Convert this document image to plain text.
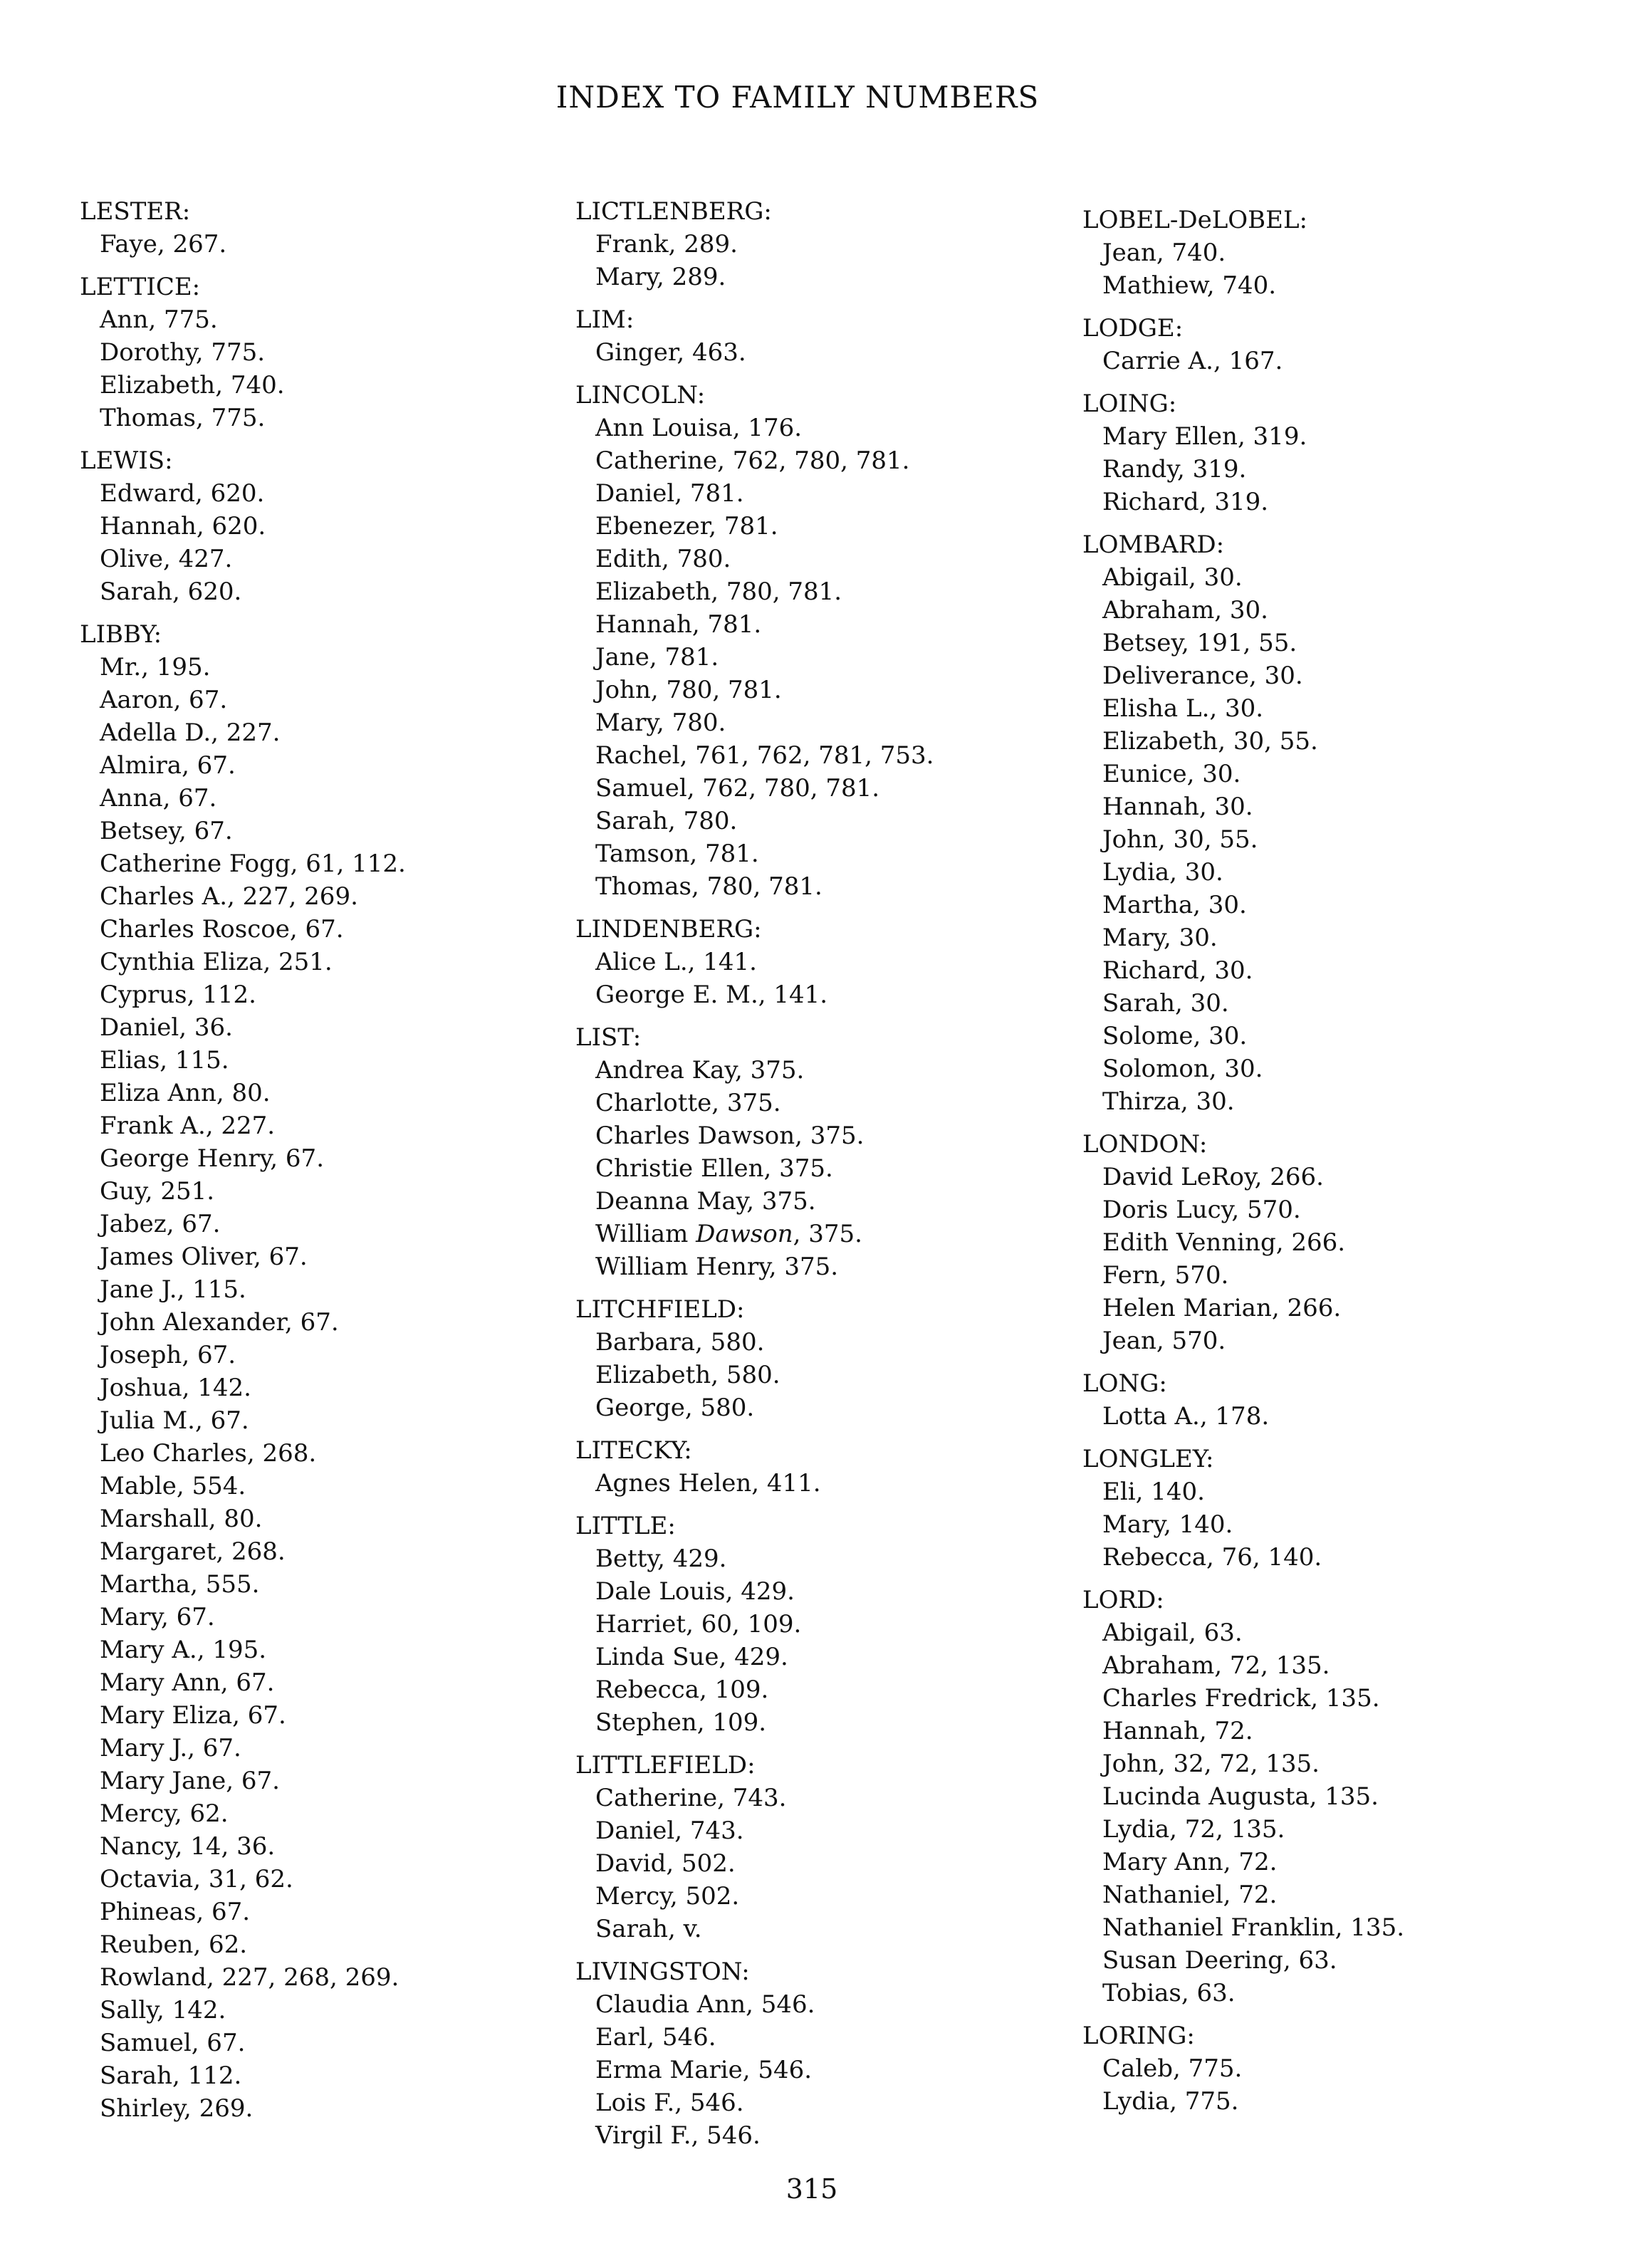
INDEX TO FAMILY NUMBERS
LESTER:
Faye, 267.
LETTICE:
Ann, 775.
Dorothy, 775.
Elizabeth, 740.
Thomas, 775.
LEWIS:
Edward, 620.
Hannah, 620.
Olive, 427.
Sarah, 620.
LIBBY:
Mr., 195.
Aaron, 67.
Adella D., 227.
Almira, 67.
Anna, 67.
Betsey, 67.
Catherine Fogg, 61, 112.
Charles A., 227, 269.
Charles Roscoe, 67.
Cynthia Eliza, 251.
Cyprus, 112.
Daniel, 36.
Elias, 115.
Eliza Ann, 80.
Frank A., 227.
George Henry, 67.
Guy, 251.
Jabez, 67.
James Oliver, 67.
Jane J., 115.
John Alexander, 67.
Joseph, 67.
Joshua, 142.
Julia M., 67.
Leo Charles, 268.
Mable, 554.
Marshall, 80.
Margaret, 268.
Martha, 555.
Mary, 67.
Mary A., 195.
Mary Ann, 67.
Mary Eliza, 67.
Mary J., 67.
Mary Jane, 67.
Mercy, 62.
Nancy, 14, 36.
Octavia, 31, 62.
Phineas, 67.
Reuben, 62.
Rowland, 227, 268, 269.
Sally, 142.
Samuel, 67.
Sarah, 112.
Shirley, 269.
LICTLENBERG:
Frank, 289.
Mary, 289.
LIM:
Ginger, 463.
LINCOLN:
Ann Louisa, 176.
Catherine, 762, 780, 781.
Daniel, 781.
Ebenezer, 781.
Edith, 780.
Elizabeth, 780, 781.
Hannah, 781.
Jane, 781.
John, 780, 781.
Mary, 780.
Rachel, 761, 762, 781, 753.
Samuel, 762, 780, 781.
Sarah, 780.
Tamson, 781.
Thomas, 780, 781.
LINDENBERG:
Alice L., 141.
George E. M., 141.
LIST:
Andrea Kay, 375.
Charlotte, 375.
Charles Dawson, 375.
Christie Ellen, 375.
Deanna May, 375.
William Dawson, 375.
William Henry, 375.
LITCHFIELD:
Barbara, 580.
Elizabeth, 580.
George, 580.
LITECKY:
Agnes Helen, 411.
LITTLE:
Betty, 429.
Dale Louis, 429.
Harriet, 60, 109.
Linda Sue, 429.
Rebecca, 109.
Stephen, 109.
LITTLEFIELD:
Catherine, 743.
Daniel, 743.
David, 502.
Mercy, 502.
Sarah, v.
LIVINGSTON:
Claudia Ann, 546.
Earl, 546.
Erma Marie, 546.
Lois F., 546.
Virgil F., 546.
LOBEL-DeLOBEL:
Jean, 740.
Mathiew, 740.
LODGE:
Carrie A., 167.
LOING:
Mary Ellen, 319.
Randy, 319.
Richard, 319.
LOMBARD:
Abigail, 30.
Abraham, 30.
Betsey, 191, 55.
Deliverance, 30.
Elisha L., 30.
Elizabeth, 30, 55.
Eunice, 30.
Hannah, 30.
John, 30, 55.
Lydia, 30.
Martha, 30.
Mary, 30.
Richard, 30.
Sarah, 30.
Solome, 30.
Solomon, 30.
Thirza, 30.
LONDON:
David LeRoy, 266.
Doris Lucy, 570.
Edith Venning, 266.
Fern, 570.
Helen Marian, 266.
Jean, 570.
LONG:
Lotta A., 178.
LONGLEY:
Eli, 140.
Mary, 140.
Rebecca, 76, 140.
LORD:
Abigail, 63.
Abraham, 72, 135.
Charles Fredrick, 135.
Hannah, 72.
John, 32, 72, 135.
Lucinda Augusta, 135.
Lydia, 72, 135.
Mary Ann, 72.
Nathaniel, 72.
Nathaniel Franklin, 135.
Susan Deering, 63.
Tobias, 63.
LORING:
Caleb, 775.
Lydia, 775.
315
